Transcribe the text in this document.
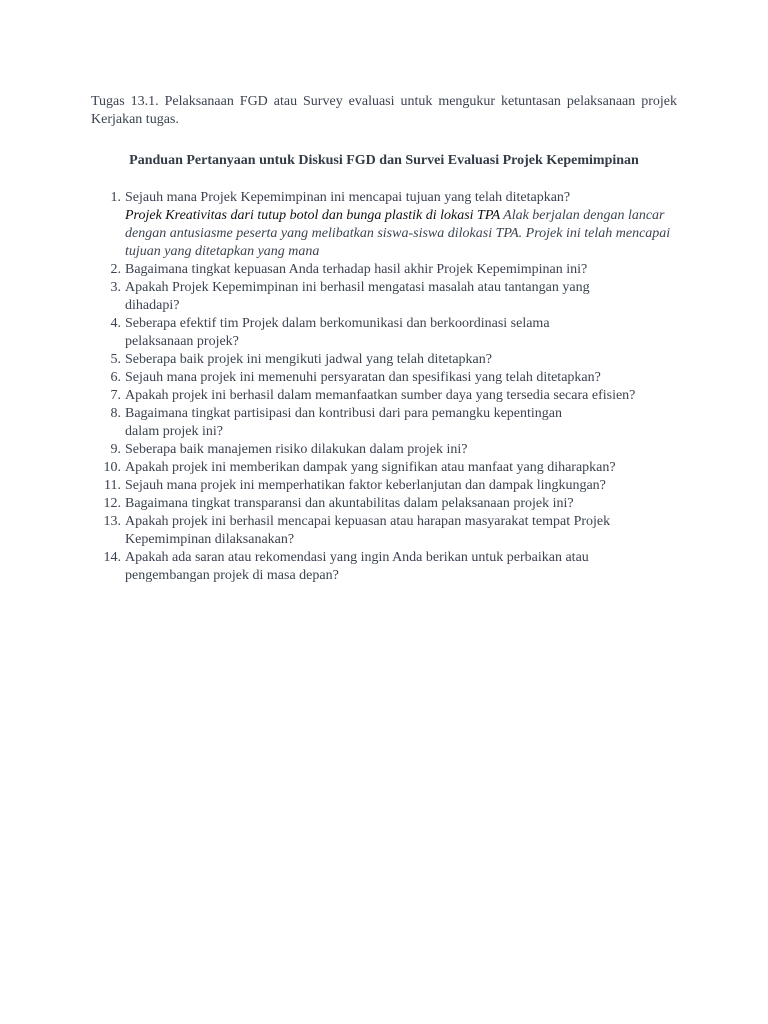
Tugas 13.1. Pelaksanaan FGD atau Survey evaluasi untuk mengukur ketuntasan pelaksanaan projek Kerjakan tugas.

Panduan Pertanyaan untuk Diskusi FGD dan Survei Evaluasi Projek Kepemimpinan
1. Sejauh mana Projek Kepemimpinan ini mencapai tujuan yang telah ditetapkan?
Projek Kreativitas dari tutup botol dan bunga plastik di lokasi TPA Alak berjalan dengan lancar dengan antusiasme peserta yang melibatkan siswa-siswa dilokasi TPA. Projek ini telah mencapai tujuan yang ditetapkan yang mana
2. Bagaimana tingkat kepuasan Anda terhadap hasil akhir Projek Kepemimpinan ini?
3. Apakah Projek Kepemimpinan ini berhasil mengatasi masalah atau tantangan yang dihadapi?
4. Seberapa efektif tim Projek dalam berkomunikasi dan berkoordinasi selama pelaksanaan projek?
5. Seberapa baik projek ini mengikuti jadwal yang telah ditetapkan?
6. Sejauh mana projek ini memenuhi persyaratan dan spesifikasi yang telah ditetapkan?
7. Apakah projek ini berhasil dalam memanfaatkan sumber daya yang tersedia secara efisien?
8. Bagaimana tingkat partisipasi dan kontribusi dari para pemangku kepentingan dalam projek ini?
9. Seberapa baik manajemen risiko dilakukan dalam projek ini?
10. Apakah projek ini memberikan dampak yang signifikan atau manfaat yang diharapkan?
11. Sejauh mana projek ini memperhatikan faktor keberlanjutan dan dampak lingkungan?
12. Bagaimana tingkat transparansi dan akuntabilitas dalam pelaksanaan projek ini?
13. Apakah projek ini berhasil mencapai kepuasan atau harapan masyarakat tempat Projek Kepemimpinan dilaksanakan?
14. Apakah ada saran atau rekomendasi yang ingin Anda berikan untuk perbaikan atau pengembangan projek di masa depan?
